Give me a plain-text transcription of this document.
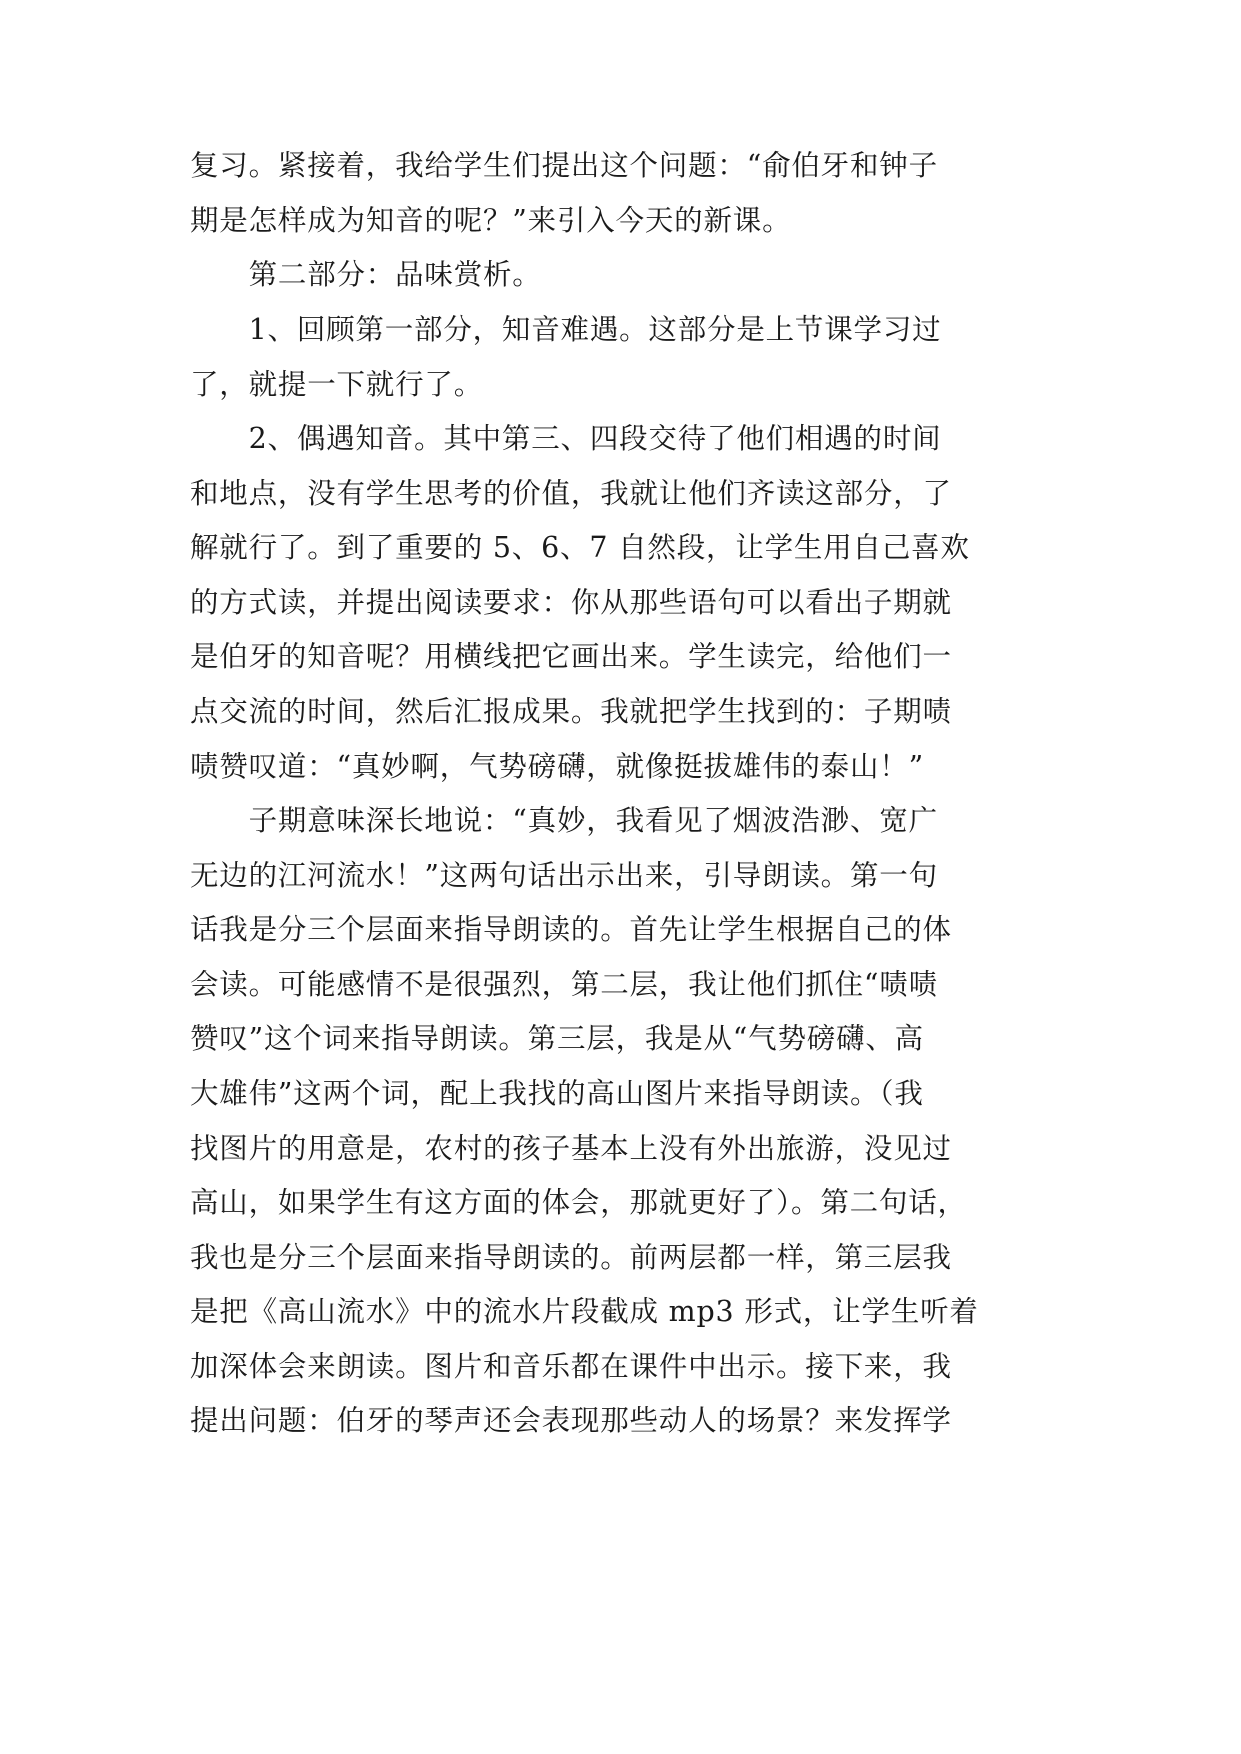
复习。紧接着，我给学生们提出这个问题：“俞伯牙和钟子
期是怎样成为知音的呢？”来引入今天的新课。
　　第二部分：品味赏析。
　　1、回顾第一部分，知音难遇。这部分是上节课学习过
了，就提一下就行了。
　　2、偶遇知音。其中第三、四段交待了他们相遇的时间
和地点，没有学生思考的价值，我就让他们齐读这部分，了
解就行了。到了重要的 5、6、7 自然段，让学生用自己喜欢
的方式读，并提出阅读要求：你从那些语句可以看出子期就
是伯牙的知音呢？用横线把它画出来。学生读完，给他们一
点交流的时间，然后汇报成果。我就把学生找到的：子期啧
啧赞叹道：“真妙啊，气势磅礴，就像挺拔雄伟的泰山！”
　　子期意味深长地说：“真妙，我看见了烟波浩渺、宽广
无边的江河流水！”这两句话出示出来，引导朗读。第一句
话我是分三个层面来指导朗读的。首先让学生根据自己的体
会读。可能感情不是很强烈，第二层，我让他们抓住“啧啧
赞叹”这个词来指导朗读。第三层，我是从“气势磅礴、高
大雄伟”这两个词，配上我找的高山图片来指导朗读。（我
找图片的用意是，农村的孩子基本上没有外出旅游，没见过
高山，如果学生有这方面的体会，那就更好了）。第二句话，
我也是分三个层面来指导朗读的。前两层都一样，第三层我
是把《高山流水》中的流水片段截成 mp3 形式，让学生听着
加深体会来朗读。图片和音乐都在课件中出示。接下来，我
提出问题：伯牙的琴声还会表现那些动人的场景？来发挥学
